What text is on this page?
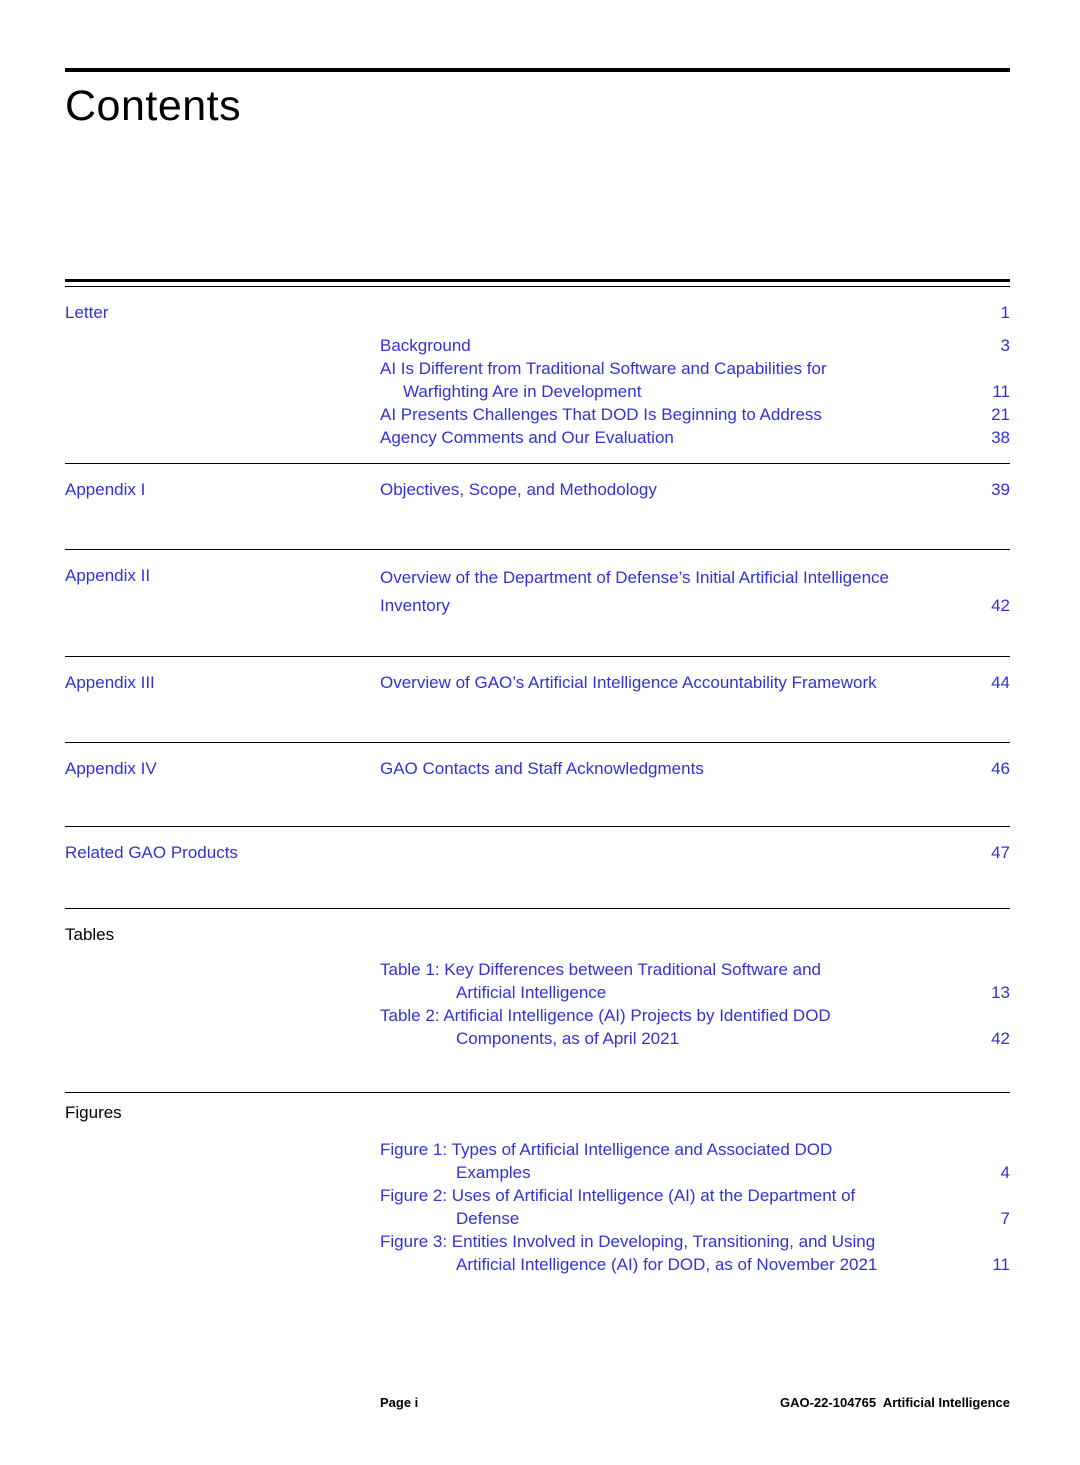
Contents
Letter	1
Background	3
AI Is Different from Traditional Software and Capabilities for
Warfighting Are in Development	11
AI Presents Challenges That DOD Is Beginning to Address	21
Agency Comments and Our Evaluation	38
Appendix I	Objectives, Scope, and Methodology	39
Appendix II	Overview of the Department of Defense’s Initial Artificial Intelligence
Inventory	42
Appendix III	Overview of GAO’s Artificial Intelligence Accountability Framework	44
Appendix IV	GAO Contacts and Staff Acknowledgments	46
Related GAO Products	47
Tables
Table 1: Key Differences between Traditional Software and
Artificial Intelligence	13
Table 2: Artificial Intelligence (AI) Projects by Identified DOD
Components, as of April 2021	42
Figures
Figure 1: Types of Artificial Intelligence and Associated DOD
Examples	4
Figure 2: Uses of Artificial Intelligence (AI) at the Department of
Defense	7
Figure 3: Entities Involved in Developing, Transitioning, and Using
Artificial Intelligence (AI) for DOD, as of November 2021	11
Page i	GAO-22-104765  Artificial Intelligence
